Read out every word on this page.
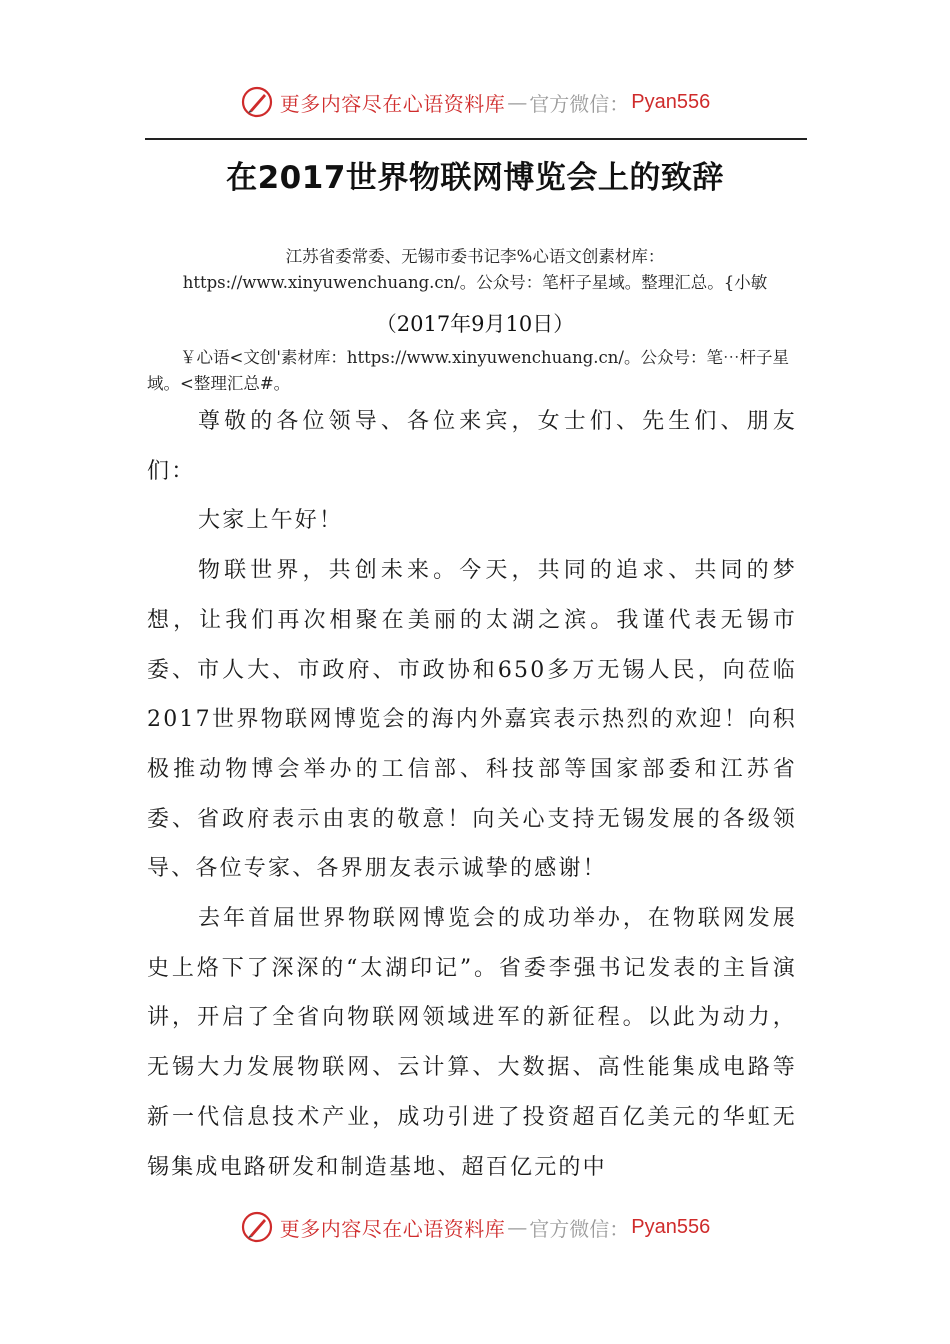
更多内容尽在心语资料库 — 官方微信： Pyan556
在2017世界物联网博览会上的致辞
江苏省委常委、无锡市委书记李%心语文创素材库：https://www.xinyuwenchuang.cn/。公众号：笔杆子星域。整理汇总。{小敏
（2017年9月10日）
￥心语<文创'素材库：https://www.xinyuwenchuang.cn/。公众号：笔⋯杆子星域。<整理汇总#。

尊敬的各位领导、各位来宾，女士们、先生们、朋友们：

大家上午好！

物联世界，共创未来。今天，共同的追求、共同的梦想，让我们再次相聚在美丽的太湖之滨。我谨代表无锡市委、市人大、市政府、市政协和650多万无锡人民，向莅临2017世界物联网博览会的海内外嘉宾表示热烈的欢迎！向积极推动物博会举办的工信部、科技部等国家部委和江苏省委、省政府表示由衷的敬意！向关心支持无锡发展的各级领导、各位专家、各界朋友表示诚挚的感谢！

去年首届世界物联网博览会的成功举办，在物联网发展史上烙下了深深的“太湖印记”。省委李强书记发表的主旨演讲，开启了全省向物联网领域进军的新征程。以此为动力，无锡大力发展物联网、云计算、大数据、高性能集成电路等新一代信息技术产业，成功引进了投资超百亿美元的华虹无锡集成电路研发和制造基地、超百亿元的中

更多内容尽在心语资料库 — 官方微信： Pyan556
